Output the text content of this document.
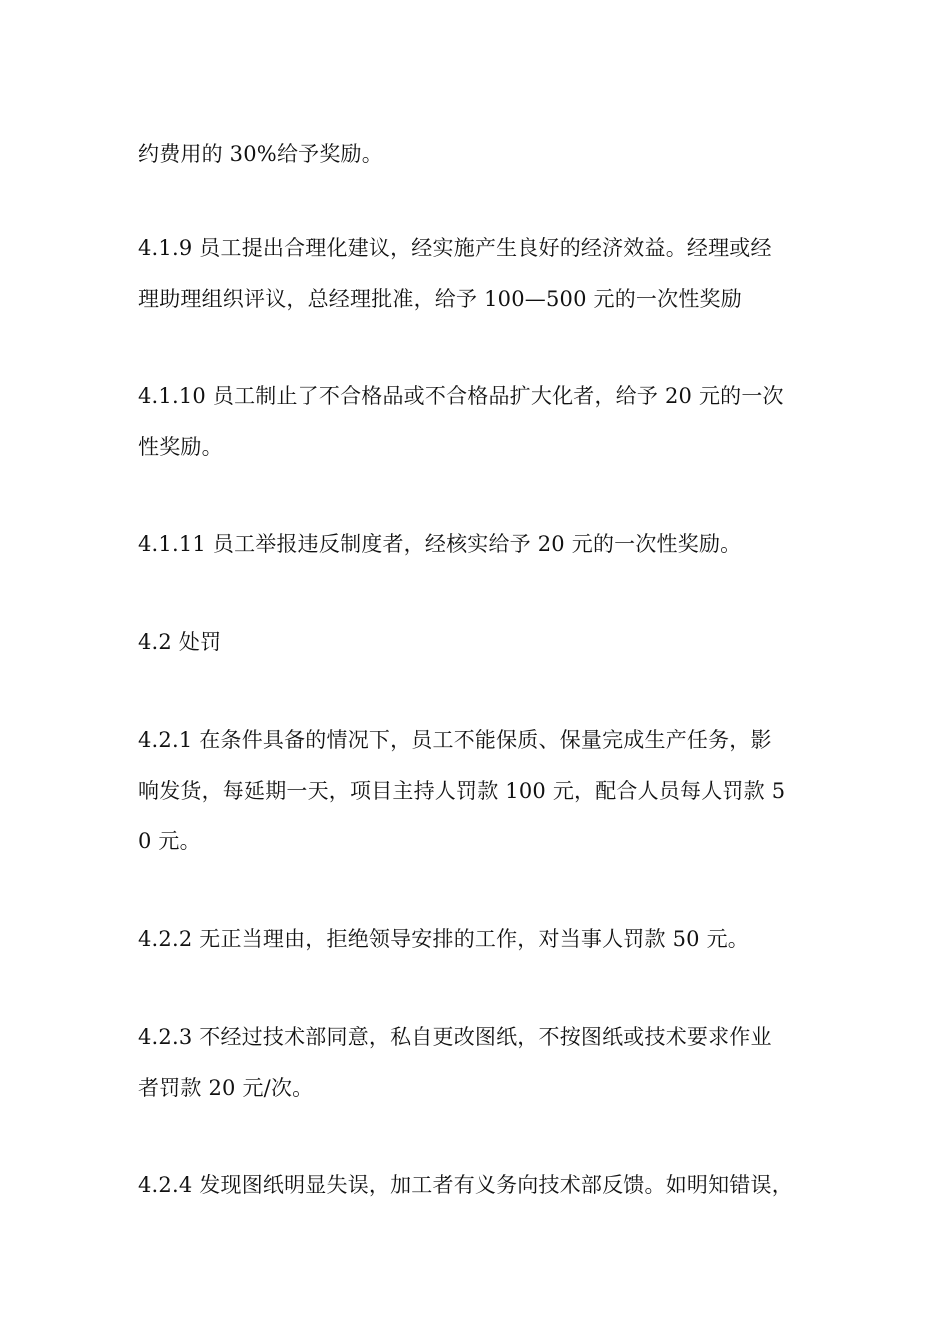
约费用的 30%给予奖励。
4.1.9 员工提出合理化建议，经实施产生良好的经济效益。经理或经
理助理组织评议，总经理批准，给予 100—500 元的一次性奖励
4.1.10 员工制止了不合格品或不合格品扩大化者，给予 20 元的一次
性奖励。
4.1.11 员工举报违反制度者，经核实给予 20 元的一次性奖励。
4.2 处罚
4.2.1 在条件具备的情况下，员工不能保质、保量完成生产任务，影
响发货，每延期一天，项目主持人罚款 100 元，配合人员每人罚款 5
0 元。
4.2.2 无正当理由，拒绝领导安排的工作，对当事人罚款 50 元。
4.2.3 不经过技术部同意，私自更改图纸，不按图纸或技术要求作业
者罚款 20 元/次。
4.2.4 发现图纸明显失误，加工者有义务向技术部反馈。如明知错误，
